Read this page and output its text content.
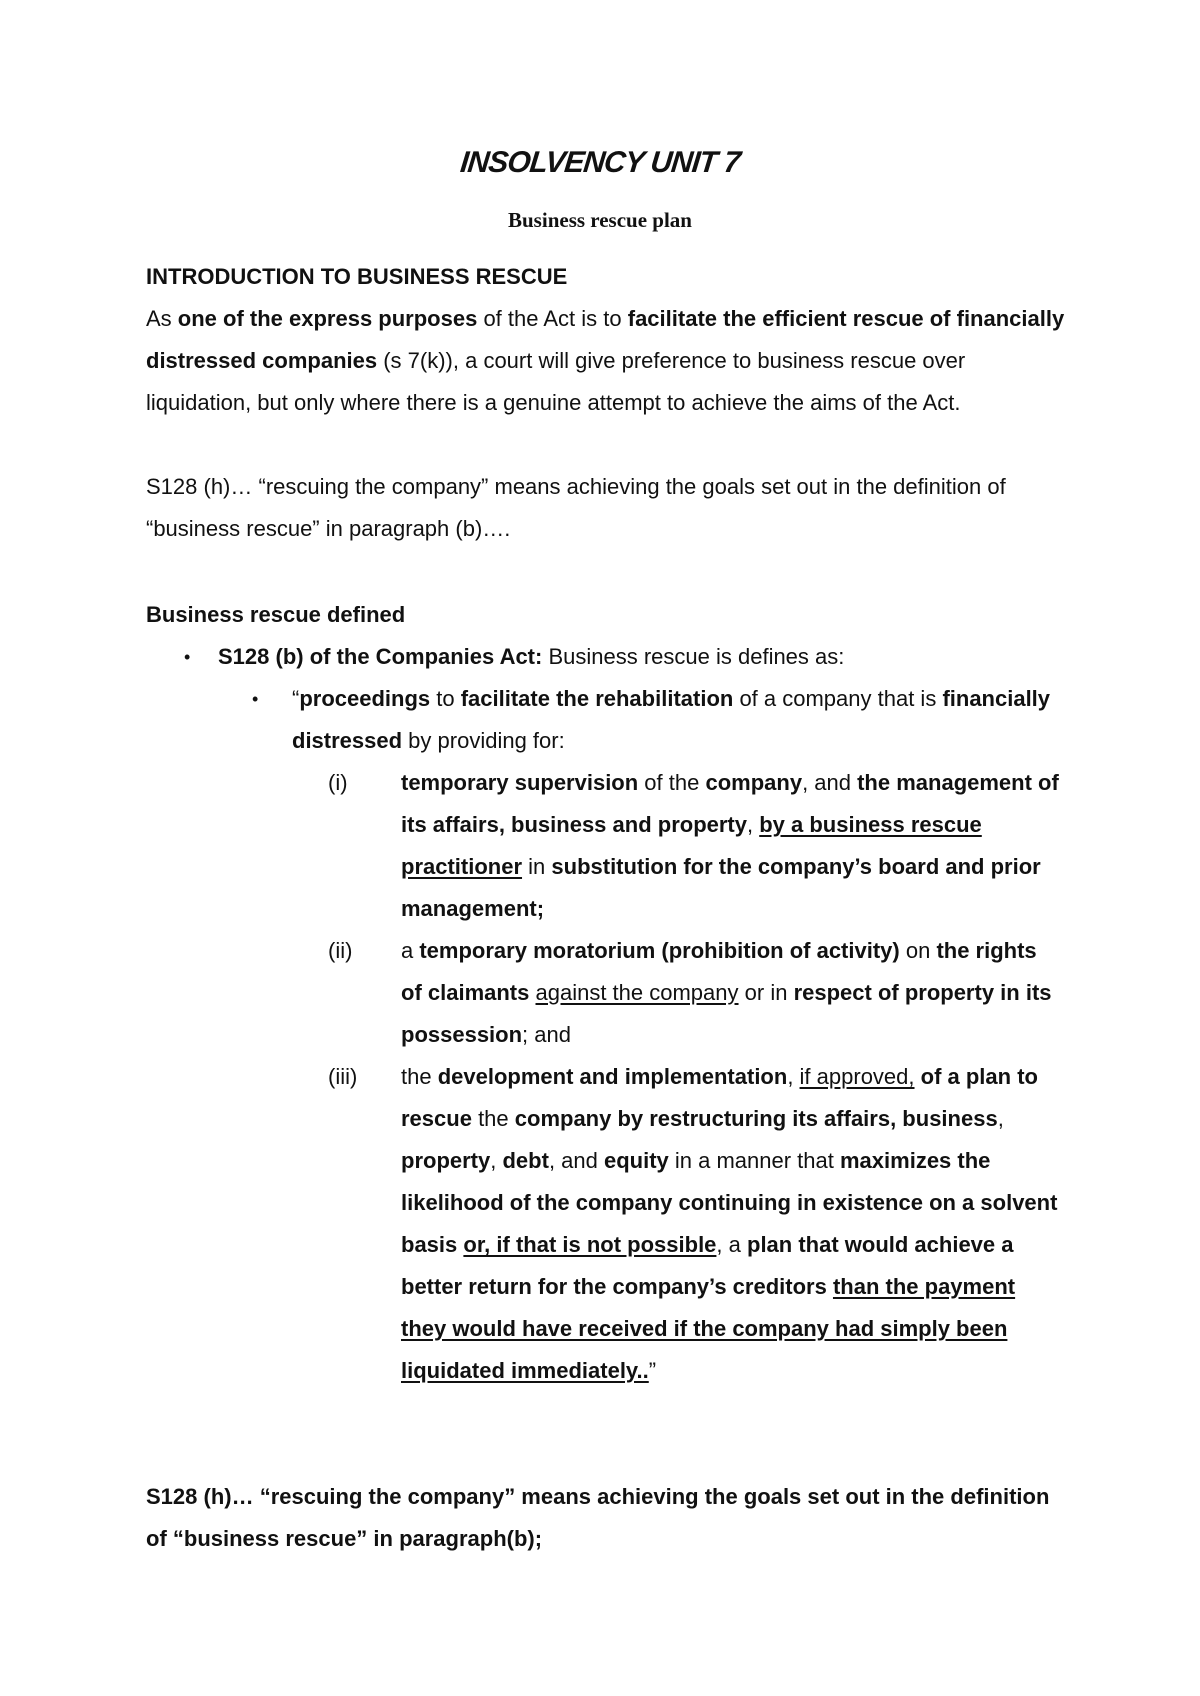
INSOLVENCY UNIT 7
Business rescue plan
INTRODUCTION TO BUSINESS RESCUE
As one of the express purposes of the Act is to facilitate the efficient rescue of financially distressed companies (s 7(k)), a court will give preference to business rescue over liquidation, but only where there is a genuine attempt to achieve the aims of the Act.
S128 (h)… “rescuing the company” means achieving the goals set out in the definition of “business rescue” in paragraph (b)….
Business rescue defined
• S128 (b) of the Companies Act: Business rescue is defines as:
• “proceedings to facilitate the rehabilitation of a company that is financially distressed by providing for:
(i)	temporary supervision of the company, and the management of its affairs, business and property, by a business rescue practitioner in substitution for the company’s board and prior management;
(ii)	a temporary moratorium (prohibition of activity) on the rights of claimants against the company or in respect of property in its possession; and
(iii)	the development and implementation, if approved, of a plan to rescue the company by restructuring its affairs, business, property, debt, and equity in a manner that maximizes the likelihood of the company continuing in existence on a solvent basis or, if that is not possible, a plan that would achieve a better return for the company’s creditors than the payment they would have received if the company had simply been liquidated immediately..”
S128 (h)… “rescuing the company” means achieving the goals set out in the definition of “business rescue” in paragraph(b);
